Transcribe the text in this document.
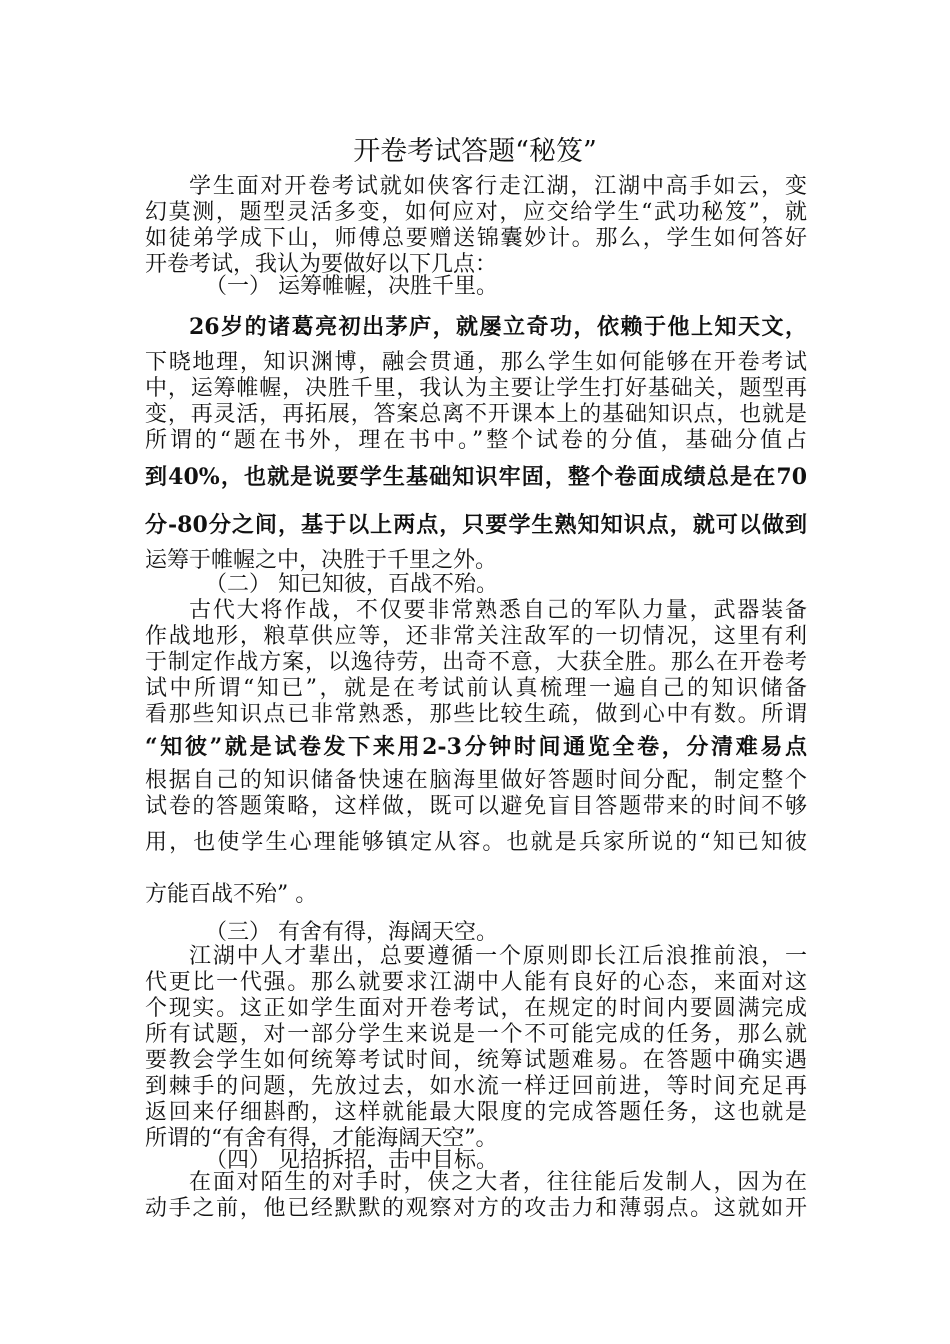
开卷考试答题“秘笈”
学生面对开卷考试就如侠客行走江湖，江湖中高手如云，变
幻莫测，题型灵活多变，如何应对，应交给学生“武功秘笈”，就
如徒弟学成下山，师傅总要赠送锦囊妙计。那么，学生如何答好
开卷考试，我认为要做好以下几点：
（一） 运筹帷幄，决胜千里。
26岁的诸葛亮初出茅庐，就屡立奇功，依赖于他上知天文，
下晓地理，知识渊博，融会贯通，那么学生如何能够在开卷考试
中，运筹帷幄，决胜千里，我认为主要让学生打好基础关，题型再
变，再灵活，再拓展，答案总离不开课本上的基础知识点，也就是
所谓的“题在书外，理在书中。”整个试卷的分值，基础分值占
到40%，也就是说要学生基础知识牢固，整个卷面成绩总是在70
分-80分之间，基于以上两点，只要学生熟知知识点，就可以做到
运筹于帷幄之中，决胜于千里之外。
（二） 知已知彼，百战不殆。
古代大将作战，不仅要非常熟悉自己的军队力量，武器装备
作战地形，粮草供应等，还非常关注敌军的一切情况，这里有利
于制定作战方案，以逸待劳，出奇不意，大获全胜。那么在开卷考
试中所谓“知已”，就是在考试前认真梳理一遍自己的知识储备
看那些知识点已非常熟悉，那些比较生疏，做到心中有数。所谓
“知彼”就是试卷发下来用2-3分钟时间通览全卷，分清难易点
根据自己的知识储备快速在脑海里做好答题时间分配，制定整个
试卷的答题策略，这样做，既可以避免盲目答题带来的时间不够
用，也使学生心理能够镇定从容。也就是兵家所说的“知已知彼
方能百战不殆” 。
（三） 有舍有得，海阔天空。
江湖中人才辈出，总要遵循一个原则即长江后浪推前浪，一
代更比一代强。那么就要求江湖中人能有良好的心态，来面对这
个现实。这正如学生面对开卷考试，在规定的时间内要圆满完成
所有试题，对一部分学生来说是一个不可能完成的任务，那么就
要教会学生如何统筹考试时间，统筹试题难易。在答题中确实遇
到棘手的问题，先放过去，如水流一样迂回前进，等时间充足再
返回来仔细斟酌，这样就能最大限度的完成答题任务，这也就是
所谓的“有舍有得，才能海阔天空”。
（四） 见招拆招，击中目标。
在面对陌生的对手时，侠之大者，往往能后发制人，因为在
动手之前，他已经默默的观察对方的攻击力和薄弱点。这就如开
